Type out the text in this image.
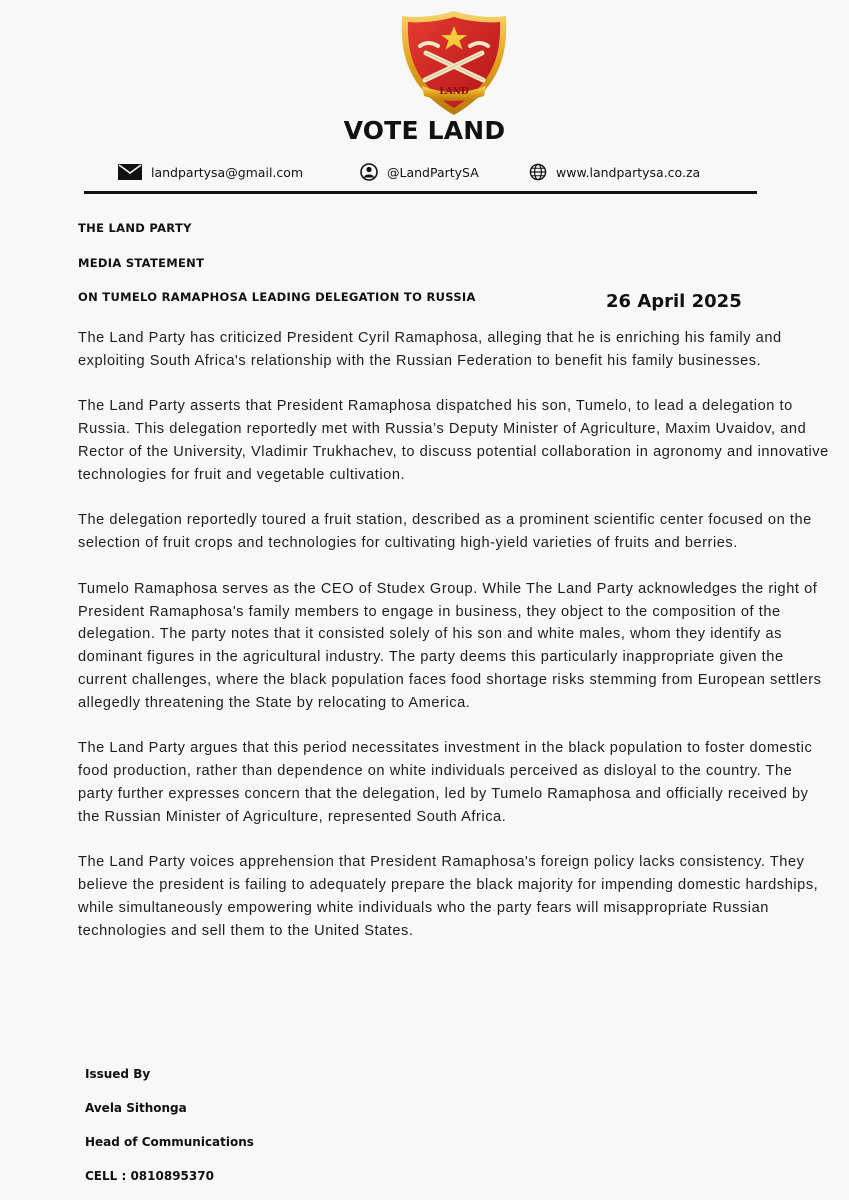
LAND
VOTE LAND
landpartysa@gmail.com	@LandPartySA	www.landpartysa.co.za
THE LAND PARTY
MEDIA STATEMENT
ON TUMELO RAMAPHOSA LEADING DELEGATION TO RUSSIA	26 April 2025

The Land Party has criticized President Cyril Ramaphosa, alleging that he is enriching his family and exploiting South Africa's relationship with the Russian Federation to benefit his family businesses.

The Land Party asserts that President Ramaphosa dispatched his son, Tumelo, to lead a delegation to Russia. This delegation reportedly met with Russia’s Deputy Minister of Agriculture, Maxim Uvaidov, and Rector of the University, Vladimir Trukhachev, to discuss potential collaboration in agronomy and innovative technologies for fruit and vegetable cultivation.

The delegation reportedly toured a fruit station, described as a prominent scientific center focused on the selection of fruit crops and technologies for cultivating high-yield varieties of fruits and berries.

Tumelo Ramaphosa serves as the CEO of Studex Group. While The Land Party acknowledges the right of President Ramaphosa's family members to engage in business, they object to the composition of the delegation. The party notes that it consisted solely of his son and white males, whom they identify as dominant figures in the agricultural industry. The party deems this particularly inappropriate given the current challenges, where the black population faces food shortage risks stemming from European settlers allegedly threatening the State by relocating to America.

The Land Party argues that this period necessitates investment in the black population to foster domestic food production, rather than dependence on white individuals perceived as disloyal to the country. The party further expresses concern that the delegation, led by Tumelo Ramaphosa and officially received by the Russian Minister of Agriculture, represented South Africa.

The Land Party voices apprehension that President Ramaphosa's foreign policy lacks consistency. They believe the president is failing to adequately prepare the black majority for impending domestic hardships, while simultaneously empowering white individuals who the party fears will misappropriate Russian technologies and sell them to the United States.

Issued By
Avela Sithonga
Head of Communications
CELL : 0810895370
